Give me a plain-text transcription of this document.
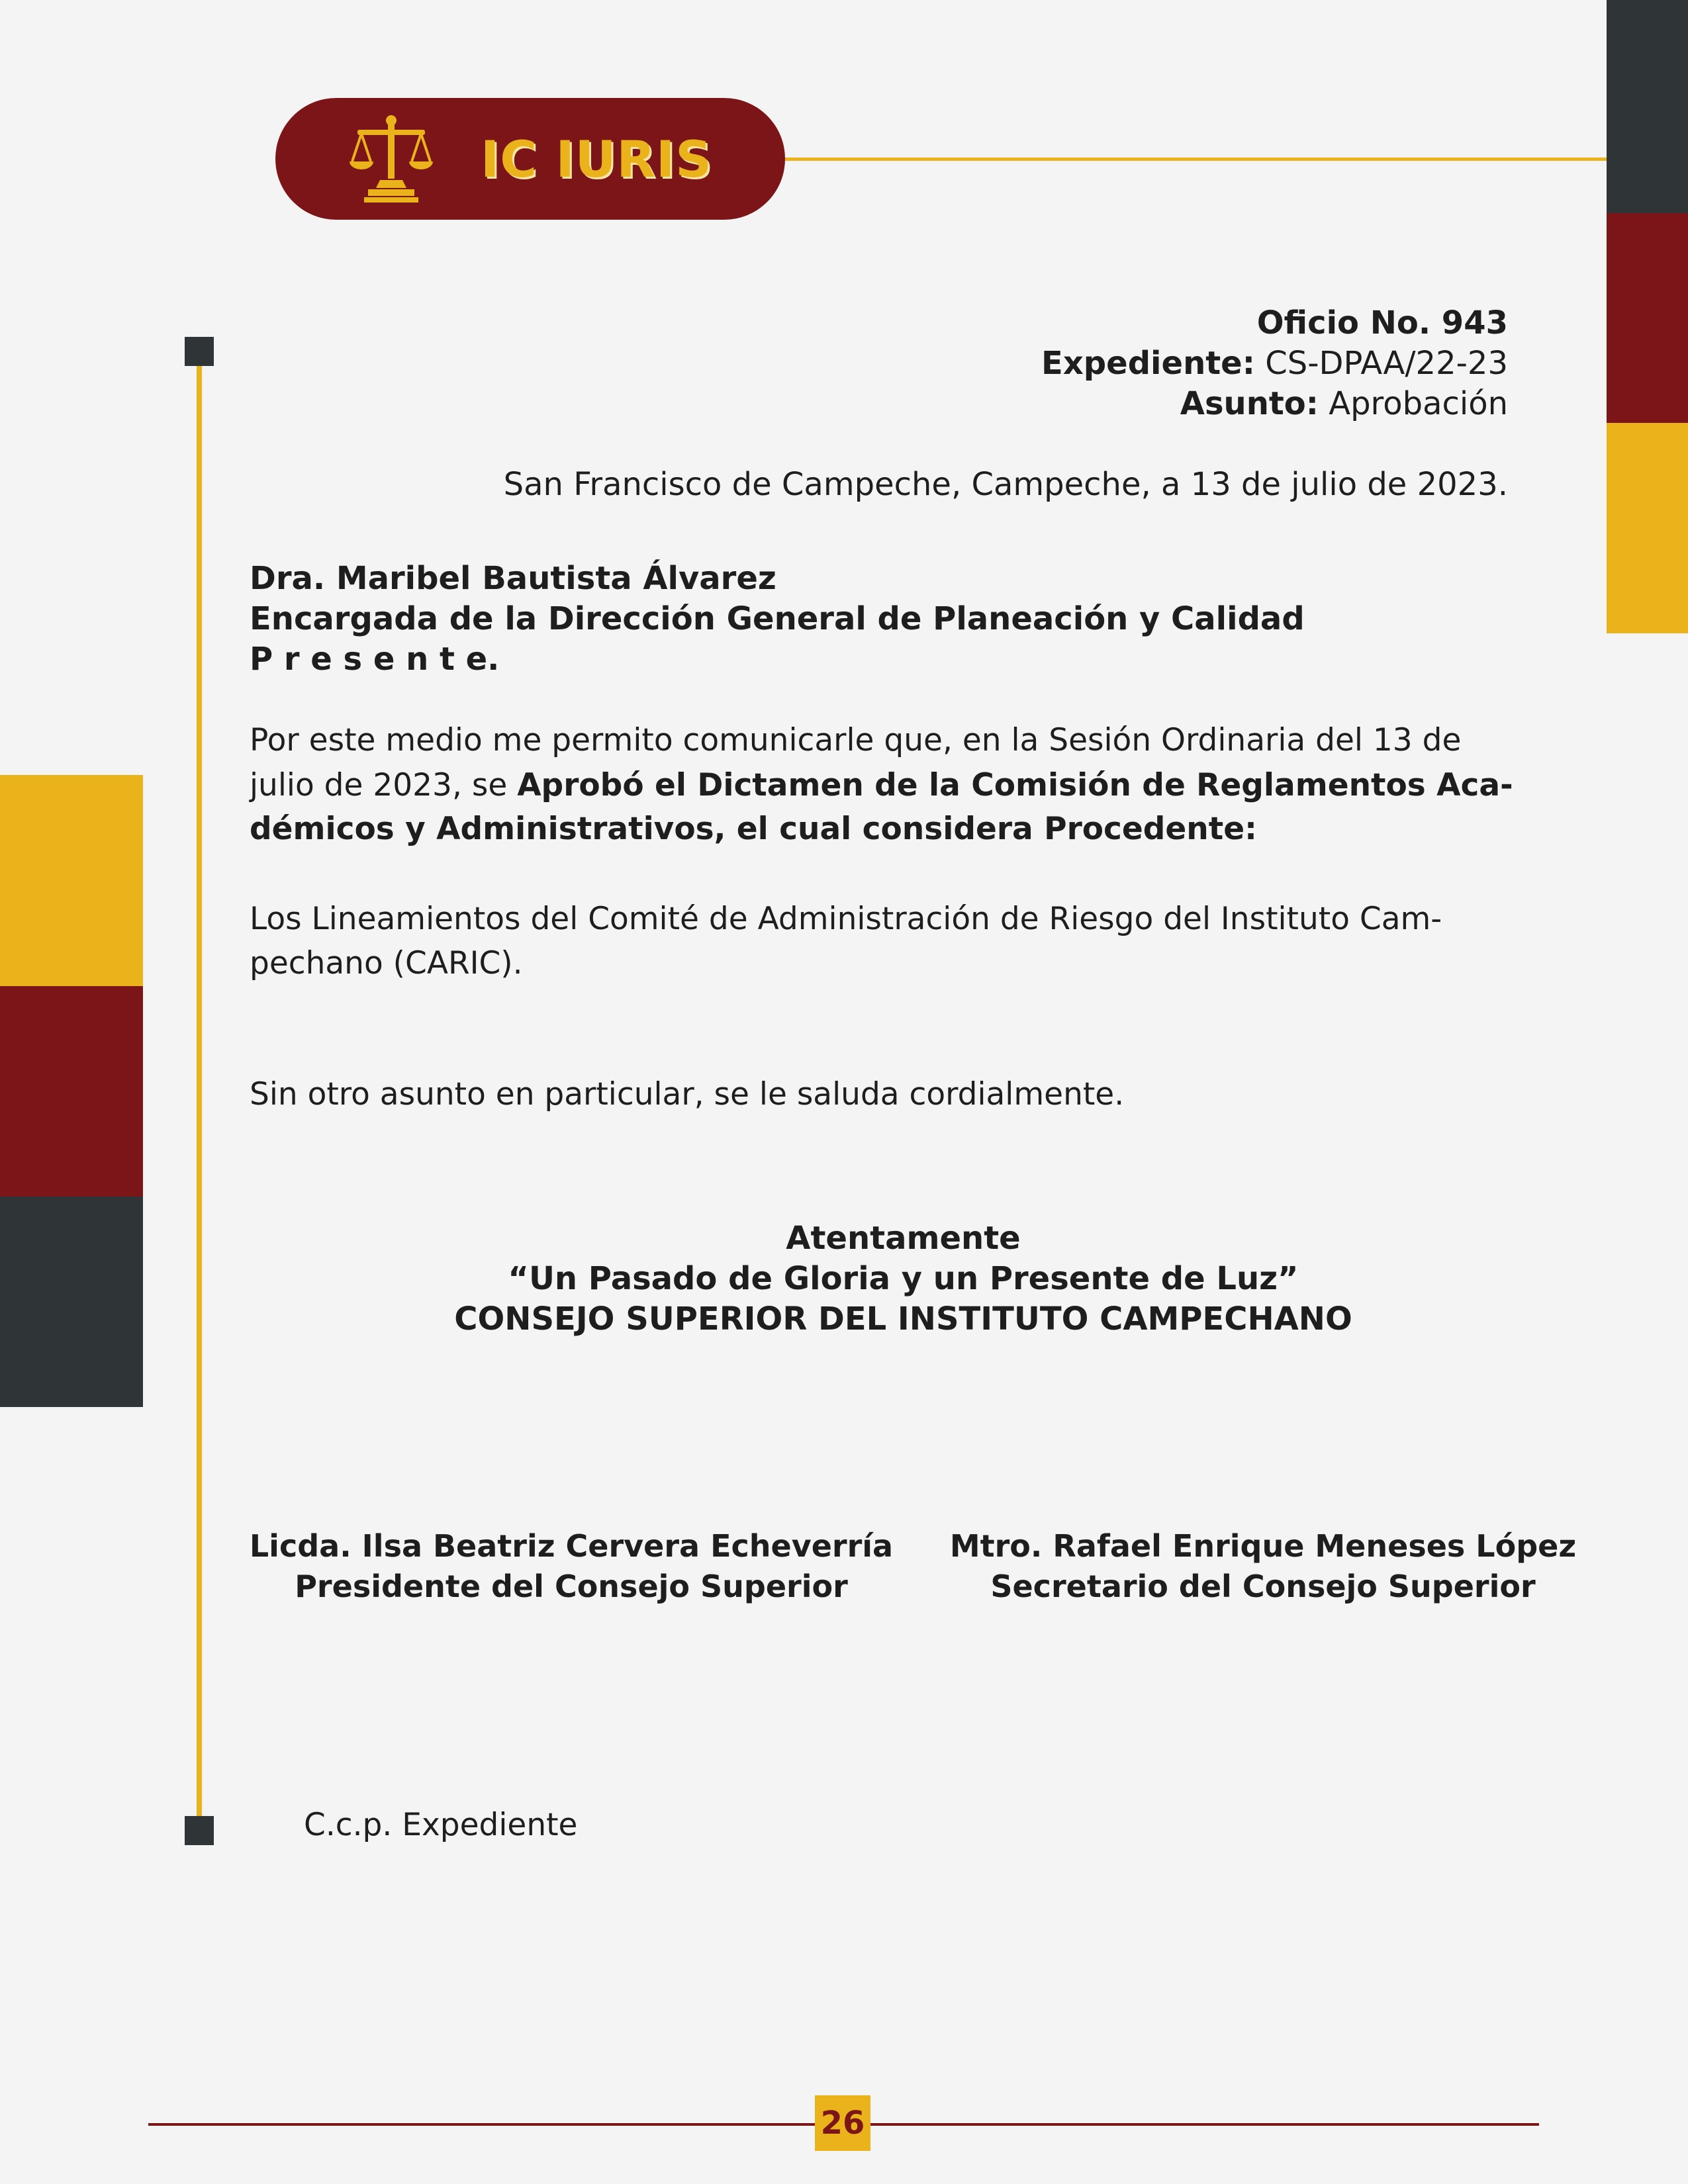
IC IURIS
Oficio No. 943
Expediente: CS-DPAA/22-23
Asunto: Aprobación
San Francisco de Campeche, Campeche, a 13 de julio de 2023.
Dra. Maribel Bautista Álvarez
Encargada de la Dirección General de Planeación y Calidad
P r e s e n t e.
Por este medio me permito comunicarle que, en la Sesión Ordinaria del 13 de
julio de 2023, se Aprobó el Dictamen de la Comisión de Reglamentos Aca-
démicos y Administrativos, el cual considera Procedente:
Los Lineamientos del Comité de Administración de Riesgo del Instituto Cam-
pechano (CARIC).
Sin otro asunto en particular, se le saluda cordialmente.
Atentamente
“Un Pasado de Gloria y un Presente de Luz”
CONSEJO SUPERIOR DEL INSTITUTO CAMPECHANO
Licda. Ilsa Beatriz Cervera Echeverría
Presidente del Consejo Superior
Mtro. Rafael Enrique Meneses López
Secretario del Consejo Superior
C.c.p. Expediente
26
